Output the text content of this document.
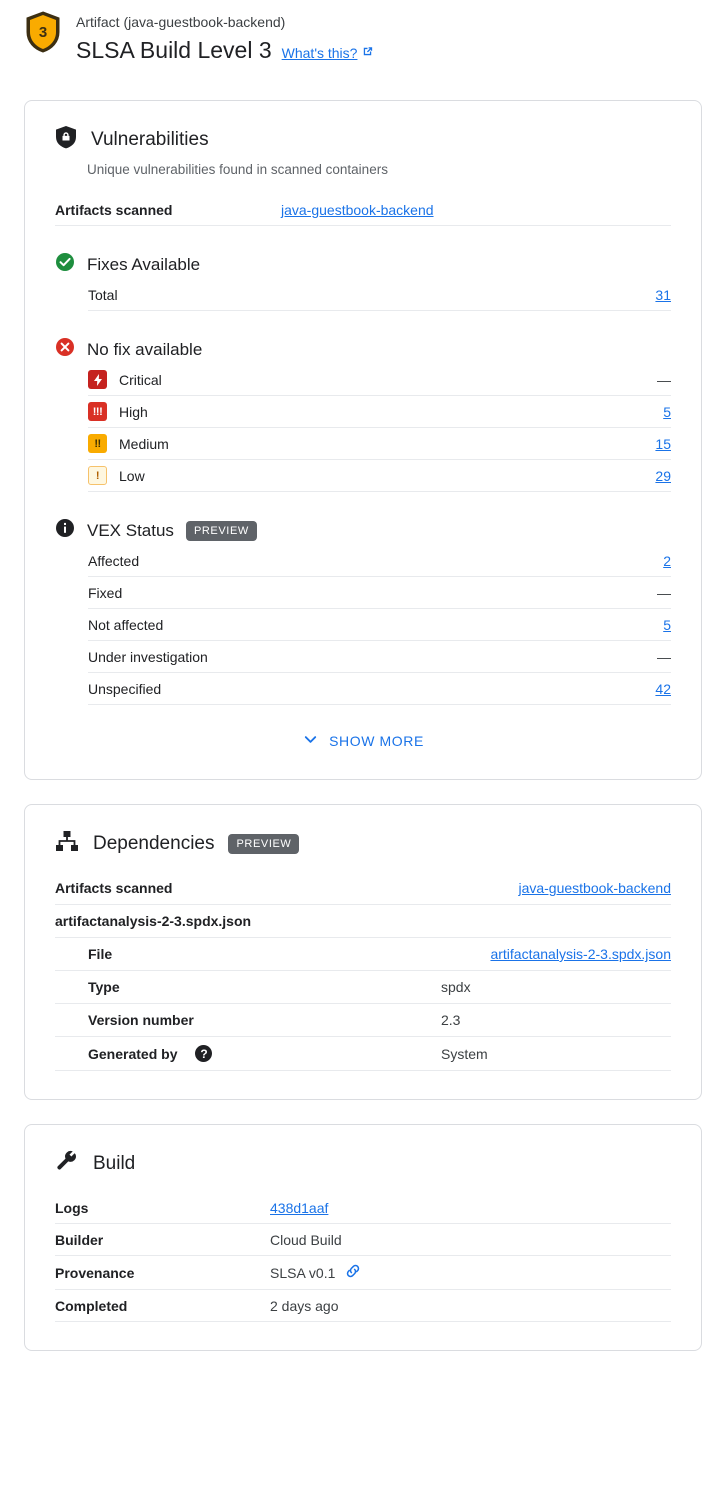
3
Artifact (java-guestbook-backend)
SLSA Build Level 3 What's this?
Vulnerabilities
Unique vulnerabilities found in scanned containers
Artifacts scanned	java-guestbook-backend
Fixes Available
Total	31
No fix available
Critical	—
!!!	High	5
!!	Medium	15
!	Low	29
VEX Status	PREVIEW
Affected	2
Fixed	—
Not affected	5
Under investigation	—
Unspecified	42
SHOW MORE
Dependencies	PREVIEW
Artifacts scanned	java-guestbook-backend
artifactanalysis-2-3.spdx.json
File	artifactanalysis-2-3.spdx.json
Type	spdx
Version number	2.3
Generated by	?	System
Build
Logs	438d1aaf
Builder	Cloud Build
Provenance	SLSA v0.1
Completed	2 days ago
